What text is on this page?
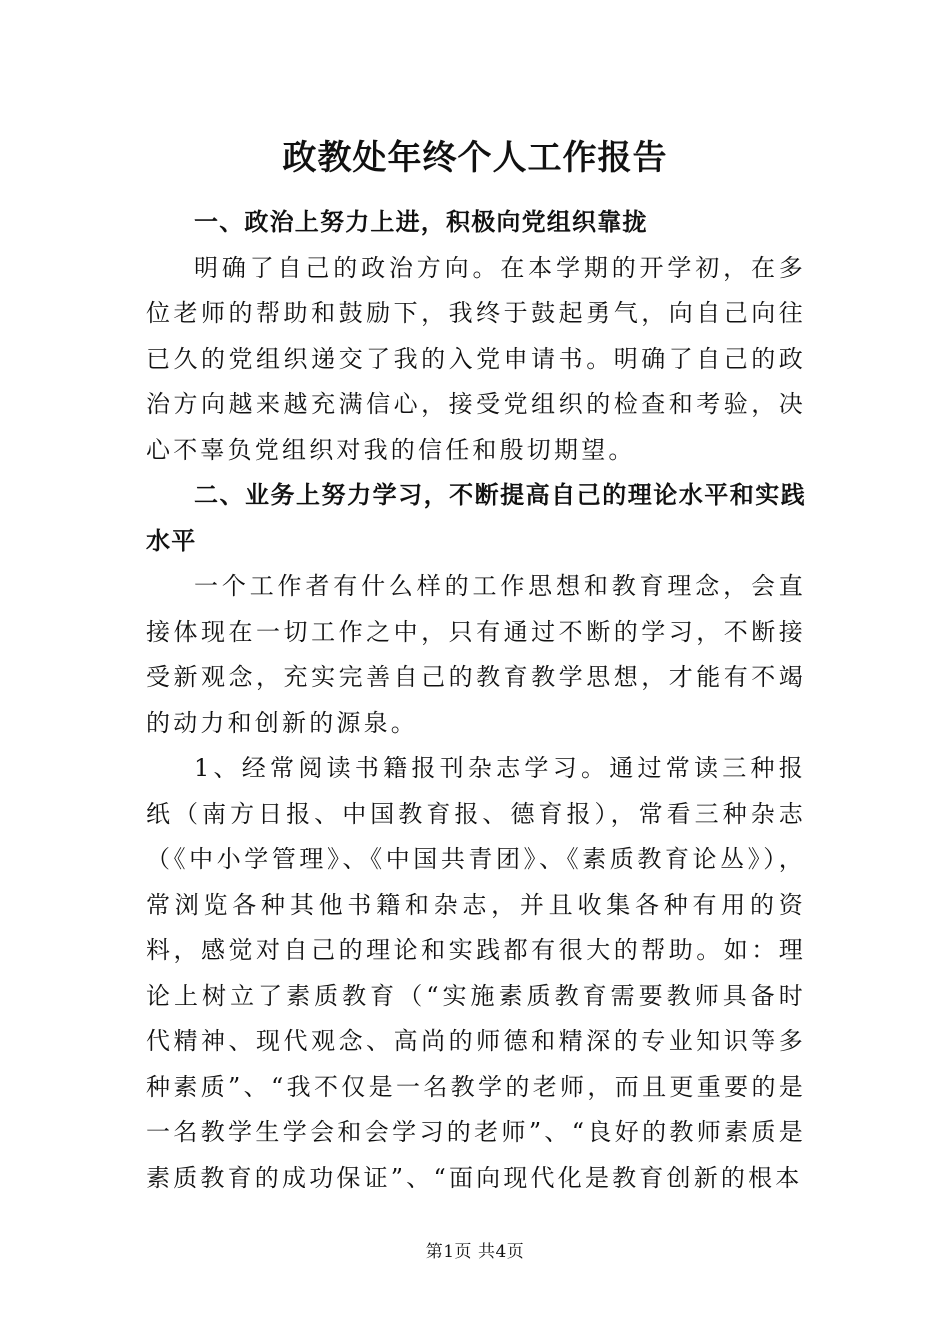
政教处年终个人工作报告

一、政治上努力上进，积极向党组织靠拢

明确了自己的政治方向。在本学期的开学初，在多位老师的帮助和鼓励下，我终于鼓起勇气，向自己向往已久的党组织递交了我的入党申请书。明确了自己的政治方向越来越充满信心，接受党组织的检查和考验，决心不辜负党组织对我的信任和殷切期望。

二、业务上努力学习，不断提高自己的理论水平和实践水平

一个工作者有什么样的工作思想和教育理念，会直接体现在一切工作之中，只有通过不断的学习，不断接受新观念，充实完善自己的教育教学思想，才能有不竭的动力和创新的源泉。

1、经常阅读书籍报刊杂志学习。通过常读三种报纸（南方日报、中国教育报、德育报），常看三种杂志（《中小学管理》、《中国共青团》、《素质教育论丛》），常浏览各种其他书籍和杂志，并且收集各种有用的资料，感觉对自己的理论和实践都有很大的帮助。如：理论上树立了素质教育（“实施素质教育需要教师具备时代精神、现代观念、高尚的师德和精深的专业知识等多种素质”、“我不仅是一名教学的老师，而且更重要的是一名教学生学会和会学习的老师”、“良好的教师素质是素质教育的成功保证”、“面向现代化是教育创新的根本

第1页 共4页
